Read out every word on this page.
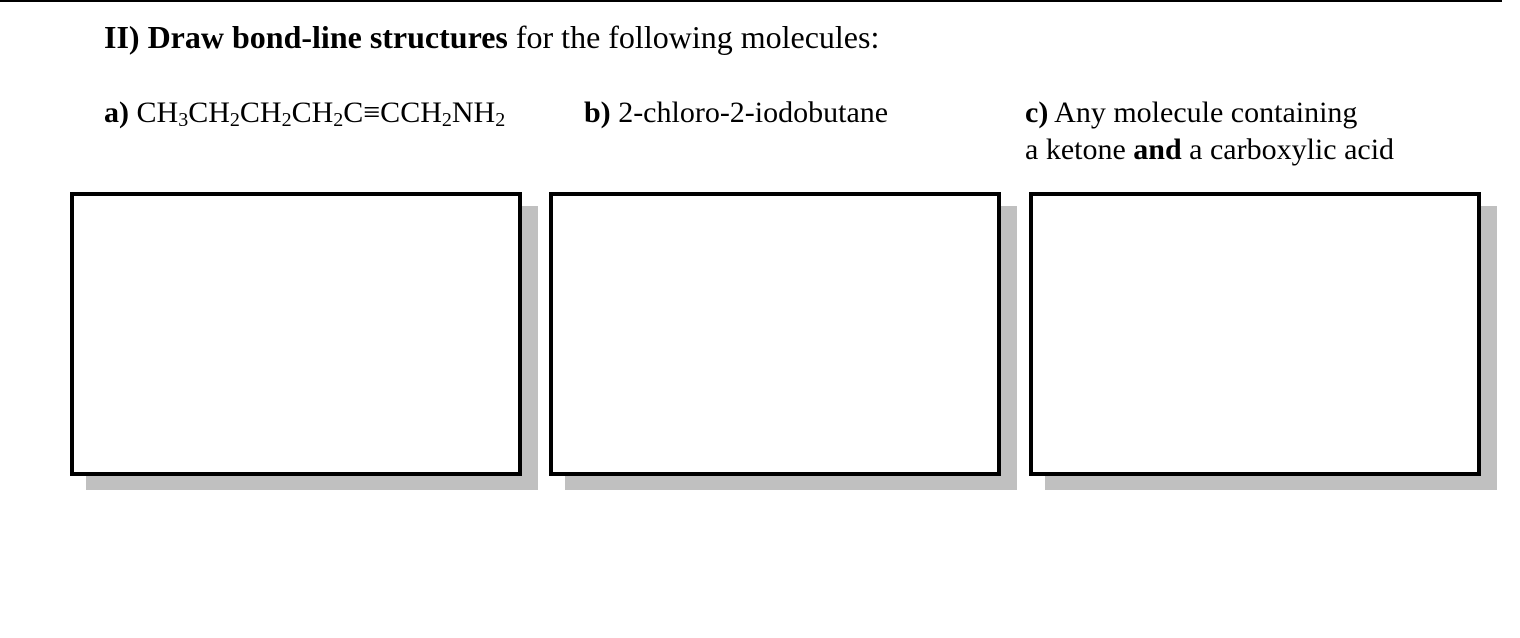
II) Draw bond-line structures for the following molecules:
a) $CH_3CH_2CH_2CH_2C\equiv CCH_2NH_2$	b) 2-chloro-2-iodobutane	c) Any molecule containing
a ketone and a carboxylic acid
